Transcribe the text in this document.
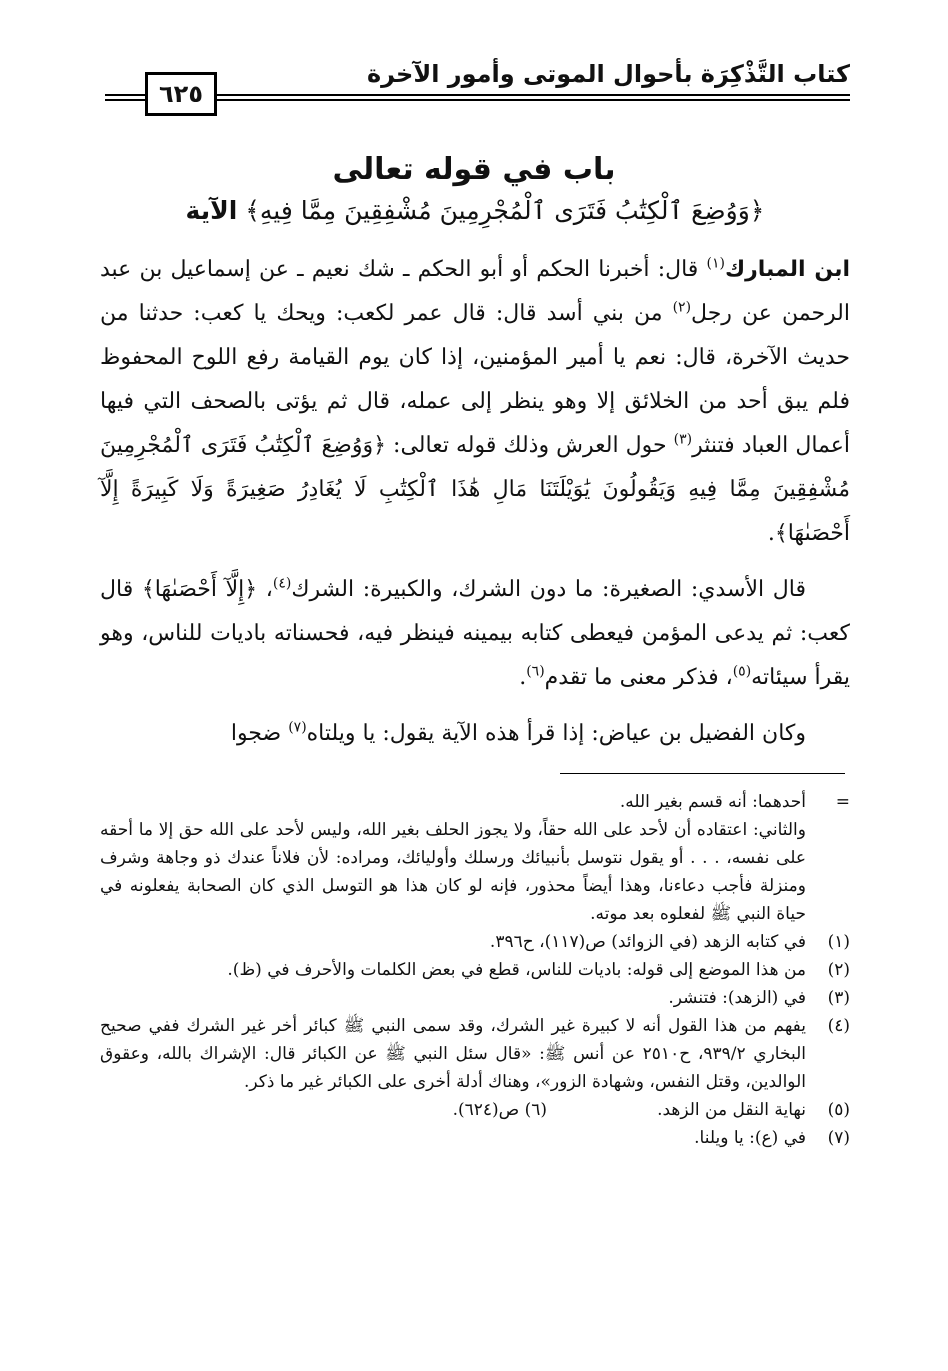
كتاب التَّذْكِرَة بأحوال الموتى وأمور الآخرة
٦٢٥
باب في قوله تعالى
﴿وَوُضِعَ ٱلْكِتَٰبُ فَتَرَى ٱلْمُجْرِمِينَ مُشْفِقِينَ مِمَّا فِيهِ﴾ الآية

ابن المبارك$^{(١)}$ قال: أخبرنا الحكم أو أبو الحكم ـ شك نعيم ـ عن إسماعيل بن عبد الرحمن عن رجل$^{(٢)}$ من بني أسد قال: قال عمر لكعب: ويحك يا كعب: حدثنا من حديث الآخرة، قال: نعم يا أمير المؤمنين، إذا كان يوم القيامة رفع اللوح المحفوظ فلم يبق أحد من الخلائق إلا وهو ينظر إلى عمله، قال ثم يؤتى بالصحف التي فيها أعمال العباد فتنثر$^{(٣)}$ حول العرش وذلك قوله تعالى: ﴿وَوُضِعَ ٱلْكِتَٰبُ فَتَرَى ٱلْمُجْرِمِينَ مُشْفِقِينَ مِمَّا فِيهِ وَيَقُولُونَ يَٰوَيْلَتَنَا مَالِ هَٰذَا ٱلْكِتَٰبِ لَا يُغَادِرُ صَغِيرَةً وَلَا كَبِيرَةً إِلَّآ أَحْصَىٰهَا﴾.

قال الأسدي: الصغيرة: ما دون الشرك، والكبيرة: الشرك$^{(٤)}$، ﴿إِلَّآ أَحْصَىٰهَا﴾ قال كعب: ثم يدعى المؤمن فيعطى كتابه بيمينه فينظر فيه، فحسناته باديات للناس، وهو يقرأ سيئاته$^{(٥)}$، فذكر معنى ما تقدم$^{(٦)}$.

وكان الفضيل بن عياض: إذا قرأ هذه الآية يقول: يا ويلتاه$^{(٧)}$ ضجوا

=
أحدهما: أنه قسم بغير الله.
والثاني: اعتقاده أن لأحد على الله حقاً، ولا يجوز الحلف بغير الله، وليس لأحد على الله حق إلا ما أحقه على نفسه، . . . أو يقول نتوسل بأنبيائك ورسلك وأوليائك، ومراده: لأن فلاناً عندك ذو وجاهة وشرف ومنزلة فأجب دعاءنا، وهذا أيضاً محذور، فإنه لو كان هذا هو التوسل الذي كان الصحابة يفعلونه في حياة النبي ﷺ لفعلوه بعد موته.
(١)
في كتابه الزهد (في الزوائد) ص(١١٧)، ح٣٩٦.
(٢)
من هذا الموضع إلى قوله: باديات للناس، قطع في بعض الكلمات والأحرف في (ظ).
(٣)
في (الزهد): فتنشر.
(٤)
يفهم من هذا القول أنه لا كبيرة غير الشرك، وقد سمى النبي ﷺ كبائر أخر غير الشرك ففي صحيح البخاري ٩٣٩/٢، ح٢٥١٠ عن أنس ﷺ: «قال سئل النبي ﷺ عن الكبائر قال: الإشراك بالله، وعقوق الوالدين، وقتل النفس، وشهادة الزور»، وهناك أدلة أخرى على الكبائر غير ما ذكر.
(٥)
نهاية النقل من الزهد.
(٦) ص(٦٢٤).
(٧)
في (ع): يا ويلنا.
